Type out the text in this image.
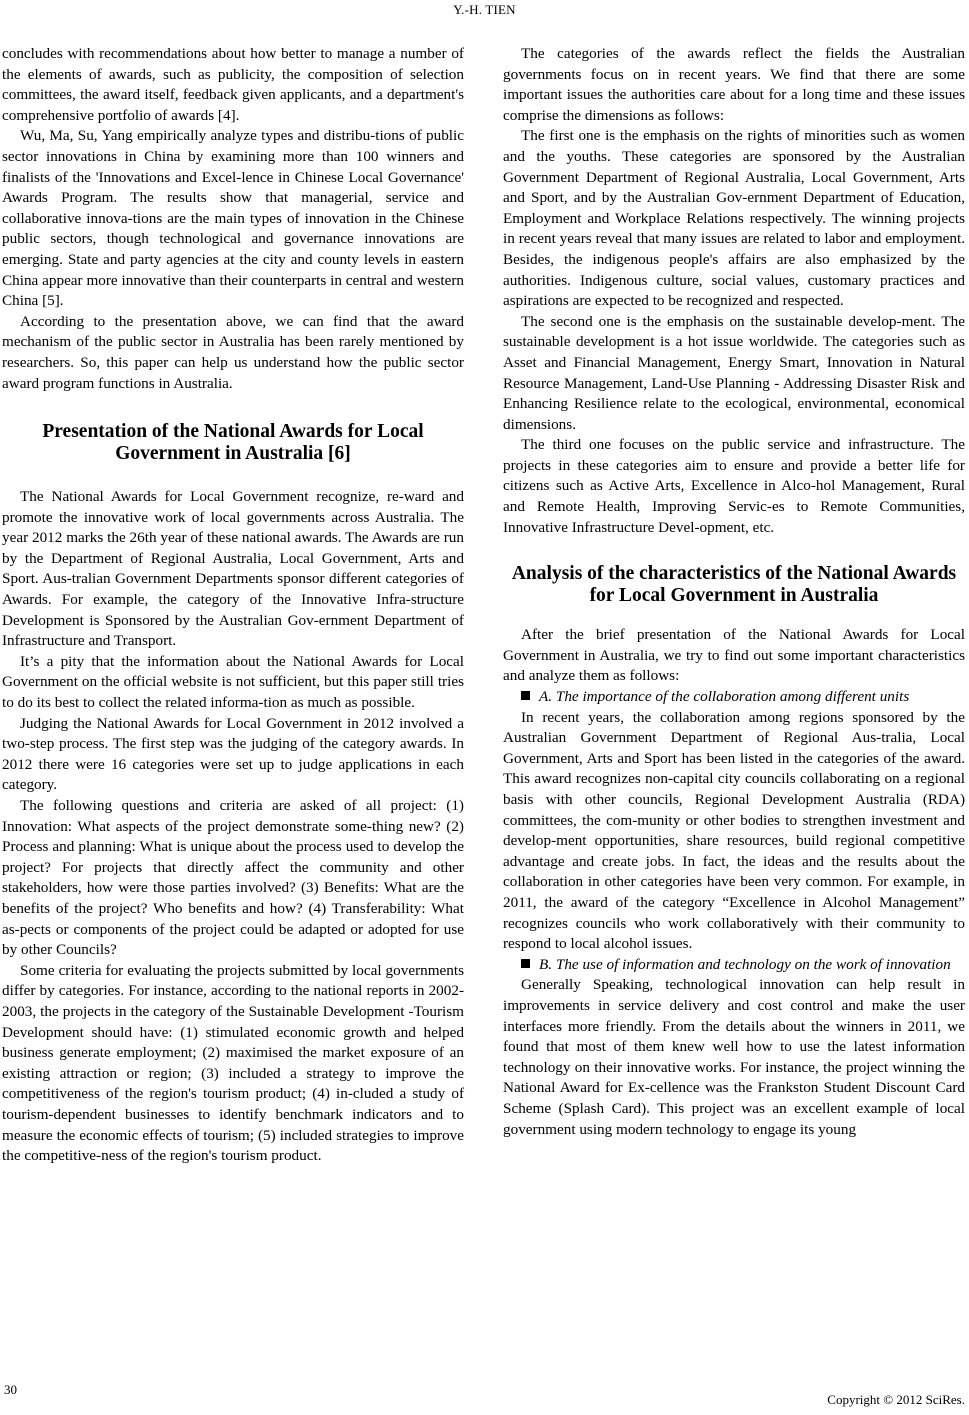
Y.-H. TIEN

concludes with recommendations about how better to manage a number of the elements of awards, such as publicity, the composition of selection committees, the award itself, feedback given applicants, and a department's comprehensive portfolio of awards [4].

Wu, Ma, Su, Yang empirically analyze types and distribu-tions of public sector innovations in China by examining more than 100 winners and finalists of the 'Innovations and Excel-lence in Chinese Local Governance' Awards Program. The results show that managerial, service and collaborative innova-tions are the main types of innovation in the Chinese public sectors, though technological and governance innovations are emerging. State and party agencies at the city and county levels in eastern China appear more innovative than their counterparts in central and western China [5].

According to the presentation above, we can find that the award mechanism of the public sector in Australia has been rarely mentioned by researchers. So, this paper can help us understand how the public sector award program functions in Australia.

Presentation of the National Awards for Local Government in Australia [6]

The National Awards for Local Government recognize, re-ward and promote the innovative work of local governments across Australia. The year 2012 marks the 26th year of these national awards. The Awards are run by the Department of Regional Australia, Local Government, Arts and Sport. Aus-tralian Government Departments sponsor different categories of Awards. For example, the category of the Innovative Infra-structure Development is Sponsored by the Australian Gov-ernment Department of Infrastructure and Transport.

It’s a pity that the information about the National Awards for Local Government on the official website is not sufficient, but this paper still tries to do its best to collect the related informa-tion as much as possible.

Judging the National Awards for Local Government in 2012 involved a two-step process. The first step was the judging of the category awards. In 2012 there were 16 categories were set up to judge applications in each category.

The following questions and criteria are asked of all project: (1) Innovation: What aspects of the project demonstrate some-thing new? (2) Process and planning: What is unique about the process used to develop the project? For projects that directly affect the community and other stakeholders, how were those parties involved? (3) Benefits: What are the benefits of the project? Who benefits and how? (4) Transferability: What as-pects or components of the project could be adapted or adopted for use by other Councils?

Some criteria for evaluating the projects submitted by local governments differ by categories. For instance, according to the national reports in 2002-2003, the projects in the category of the Sustainable Development -Tourism Development should have: (1) stimulated economic growth and helped business generate employment; (2) maximised the market exposure of an existing attraction or region; (3) included a strategy to improve the competitiveness of the region's tourism product; (4) in-cluded a study of tourism-dependent businesses to identify benchmark indicators and to measure the economic effects of tourism; (5) included strategies to improve the competitive-ness of the region's tourism product.

The categories of the awards reflect the fields the Australian governments focus on in recent years. We find that there are some important issues the authorities care about for a long time and these issues comprise the dimensions as follows:

The first one is the emphasis on the rights of minorities such as women and the youths. These categories are sponsored by the Australian Government Department of Regional Australia, Local Government, Arts and Sport, and by the Australian Gov-ernment Department of Education, Employment and Workplace Relations respectively. The winning projects in recent years reveal that many issues are related to labor and employment. Besides, the indigenous people's affairs are also emphasized by the authorities. Indigenous culture, social values, customary practices and aspirations are expected to be recognized and respected.

The second one is the emphasis on the sustainable develop-ment. The sustainable development is a hot issue worldwide. The categories such as Asset and Financial Management, Energy Smart, Innovation in Natural Resource Management, Land-Use Planning - Addressing Disaster Risk and Enhancing Resilience relate to the ecological, environmental, economical dimensions.

The third one focuses on the public service and infrastructure. The projects in these categories aim to ensure and provide a better life for citizens such as Active Arts, Excellence in Alco-hol Management, Rural and Remote Health, Improving Servic-es to Remote Communities, Innovative Infrastructure Devel-opment, etc.

Analysis of the characteristics of the National Awards for Local Government in Australia

After the brief presentation of the National Awards for Local Government in Australia, we try to find out some important characteristics and analyze them as follows:

A. The importance of the collaboration among different units

In recent years, the collaboration among regions sponsored by the Australian Government Department of Regional Aus-tralia, Local Government, Arts and Sport has been listed in the categories of the award. This award recognizes non-capital city councils collaborating on a regional basis with other councils, Regional Development Australia (RDA) committees, the com-munity or other bodies to strengthen investment and develop-ment opportunities, share resources, build regional competitive advantage and create jobs. In fact, the ideas and the results about the collaboration in other categories have been very common. For example, in 2011, the award of the category “Excellence in Alcohol Management” recognizes councils who work collaboratively with their community to respond to local alcohol issues.

B. The use of information and technology on the work of innovation

Generally Speaking, technological innovation can help result in improvements in service delivery and cost control and make the user interfaces more friendly. From the details about the winners in 2011, we found that most of them knew well how to use the latest information technology on their innovative works. For instance, the project winning the National Award for Ex-cellence was the Frankston Student Discount Card Scheme (Splash Card). This project was an excellent example of local government using modern technology to engage its young

30
Copyright © 2012 SciRes.
